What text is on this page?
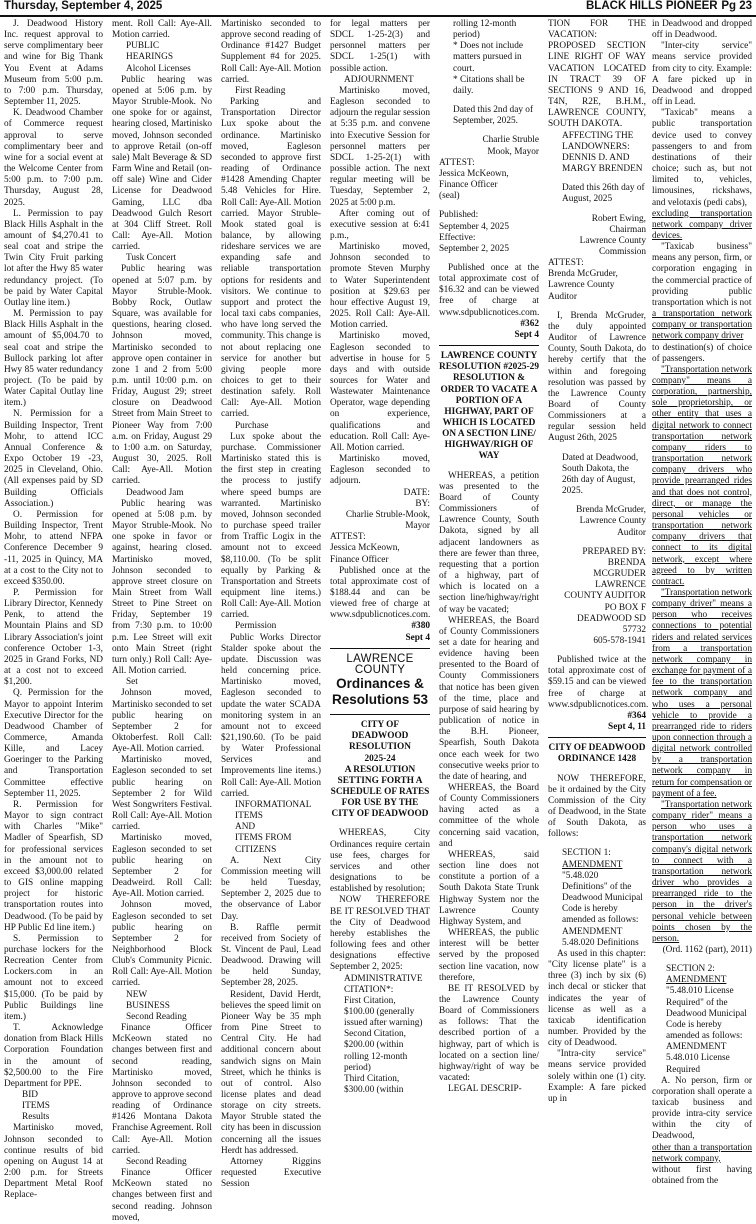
Thursday, September 4, 2025	BLACK HILLS PIONEER Pg 23

J. Deadwood History Inc. request approval to serve complimentary beer and wine for Big Thank You Event at Adams Museum from 5:00 p.m. to 7:00 p.m. Thursday, September 11, 2025.

K. Deadwood Chamber of Commerce request approval to serve complimentary beer and wine for a social event at the Welcome Center from 5:00 p.m. to 7:00 p.m. Thursday, August 28, 2025.

L. Permission to pay Black Hills Asphalt in the amount of $4,270.41 to seal coat and stripe the Twin City Fruit parking lot after the Hwy 85 water redundancy project. (To be paid by Water Capital Outlay line item.)

M. Permission to pay Black Hills Asphalt in the amount of $5,004.70 to seal coat and stripe the Bullock parking lot after Hwy 85 water redundancy project. (To be paid by Water Capital Outlay line item.)

N. Permission for a Building Inspector, Trent Mohr, to attend ICC Annual Conference & Expo October 19 -23, 2025 in Cleveland, Ohio. (All expenses paid by SD Building Officials Association.)

O. Permission for Building Inspector, Trent Mohr, to attend NFPA Conference December 9 -11, 2025 in Quincy, MA at a cost to the City not to exceed $350.00.

P. Permission for Library Director, Kennedy Penk, to attend the Mountain Plains and SD Library Association's joint conference October 1-3, 2025 in Grand Forks, ND at a cost not to exceed $1,200.

Q. Permission for the Mayor to appoint Interim Executive Director for the Deadwood Chamber of Commerce, Amanda Kille, and Lacey Goeringer to the Parking and Transportation Committee effective September 11, 2025.

R. Permission for Mayor to sign contract with Charles "Mike" Madler of Spearfish, SD for professional services in the amount not to exceed $3,000.00 related to GIS online mapping project for historic transportation routes into Deadwood. (To be paid by HP Public Ed line item.)

S. Permission to purchase lockers for the Recreation Center from Lockers.com in an amount not to exceed $15,000. (To be paid by Public Buildings line item.)

T. Acknowledge donation from Black Hills Corporation Foundation in the amount of $2,500.00 to the Fire Department for PPE.

BID

ITEMS

Results

Martinisko moved, Johnson seconded to continue results of bid opening on August 14 at 2:00 p.m. for Streets Department Metal Roof Replace-

ment. Roll Call: Aye-All. Motion carried.

PUBLIC

HEARINGS

Alcohol Licenses

Public hearing was opened at 5:06 p.m. by Mayor Struble-Mook. No one spoke for or against, hearing closed, Martinisko moved, Johnson seconded to approve Retail (on-off sale) Malt Beverage & SD Farm Wine and Retail (on-off sale) Wine and Cider License for Deadwood Gaming, LLC dba Deadwood Gulch Resort at 304 Cliff Street. Roll Call: Aye-All. Motion carried.

Tusk Concert

Public hearing was opened at 5:07 p.m. by Mayor Struble-Mook. Bobby Rock, Outlaw Square, was available for questions, hearing closed. Johnson moved, Martinisko seconded to approve open container in zone 1 and 2 from 5:00 p.m. until 10:00 p.m. on Friday, August 29; street closure on Deadwood Street from Main Street to Pioneer Way from 7:00 a.m. on Friday, August 29 to 1:00 a.m. on Saturday, August 30, 2025. Roll Call: Aye-All. Motion carried.

Deadwood Jam

Public hearing was opened at 5:08 p.m. by Mayor Struble-Mook. No one spoke in favor or against, hearing closed. Martinisko moved, Johnson seconded to approve street closure on Main Street from Wall Street to Pine Street on Friday, September 19 from 7:30 p.m. to 10:00 p.m. Lee Street will exit onto Main Street (right turn only.) Roll Call: Aye-All. Motion carried.

Set

Johnson moved, Martinisko seconded to set public hearing on September 2 for Oktoberfest. Roll Call: Aye-All. Motion carried.

Martinisko moved, Eagleson seconded to set public hearing on September 2 for Wild West Songwriters Festival. Roll Call: Aye-All. Motion carried.

Martinisko moved, Eagleson seconded to set public hearing on September 2 for Deadweird. Roll Call: Aye-All. Motion carried.

Johnson moved, Eagleson seconded to set public hearing on September 2 for Neighborhood Block Club's Community Picnic. Roll Call: Aye-All. Motion carried.

NEW

BUSINESS

Second Reading

Finance Officer McKeown stated no changes between first and second reading, Martinisko moved, Johnson seconded to approve to approve second reading of Ordinance #1426 Montana Dakota Franchise Agreement. Roll Call: Aye-All. Motion carried.

Second Reading

Finance Officer McKeown stated no changes between first and second reading. Johnson moved,

Martinisko seconded to approve second reading of Ordinance #1427 Budget Supplement #4 for 2025. Roll Call: Aye-All. Motion carried.

First Reading

Parking and Transportation Director Lux spoke about the ordinance. Martinisko moved, Eagleson seconded to approve first reading of Ordinance #1428 Amending Chapter 5.48 Vehicles for Hire. Roll Call: Aye-All. Motion carried. Mayor Struble-Mook stated goal is balance, by allowing rideshare services we are expanding safe and reliable transportation options for residents and visitors. We continue to support and protect the local taxi cabs companies, who have long served the community. This change is not about replacing one service for another but giving people more choices to get to their destination safely. Roll Call: Aye-All. Motion carried.

Purchase

Lux spoke about the purchase. Commissioner Martinisko stated this is the first step in creating the process to justify where speed bumps are warranted. Martinisko moved, Johnson seconded to purchase speed trailer from Traffic Logix in the amount not to exceed $8,110.00. (To be split equally by Parking & Transportation and Streets equipment line items.) Roll Call: Aye-All. Motion carried.

Permission

Public Works Director Stalder spoke about the update. Discussion was held concerning price. Martinisko moved, Eagleson seconded to update the water SCADA monitoring system in an amount not to exceed $21,190.60. (To be paid by Water Professional Services and Improvements line items.) Roll Call: Aye-All. Motion carried.

INFORMATIONAL

ITEMS

AND

ITEMS FROM

CITIZENS

A. Next City Commission meeting will be held Tuesday, September 2, 2025 due to the observance of Labor Day.

B. Raffle permit received from Society of St. Vincent de Paul, Lead Deadwood. Drawing will be held Sunday, September 28, 2025.

Resident, David Herdt, believes the speed limit on Pioneer Way be 35 mph from Pine Street to Central City. He had additional concern about sandwich signs on Main Street, which he thinks is out of control. Also license plates and dead storage on city streets. Mayor Struble stated the city has been in discussion concerning all the issues Herdt has addressed.

Attorney Riggins requested Executive Session

for legal matters per SDCL 1-25-2(3) and personnel matters per SDCL 1-25(1) with possible action.

ADJOURNMENT

Martinisko moved, Eagleson seconded to adjourn the regular session at 5:35 p.m. and convene into Executive Session for personnel matters per SDCL 1-25-2(1) with possible action. The next regular meeting will be Tuesday, September 2, 2025 at 5:00 p.m.

After coming out of executive session at 6:41 p.m.,

Martinisko moved, Johnson seconded to promote Steven Murphy to Water Superintendent position at $29.63 per hour effective August 19, 2025. Roll Call: Aye-All. Motion carried.

Martinisko moved, Eagleson seconded to advertise in house for 5 days and with outside sources for Water and Wastewater Maintenance Operator, wage depending on experience, qualifications and education. Roll Call: Aye-All. Motion carried.

Martinisko moved, Eagleson seconded to adjourn.

DATE:

BY:

Charlie Struble-Mook,

Mayor

ATTEST:

Jessica McKeown,

Finance Officer

Published once at the total approximate cost of $188.44 and can be viewed free of charge at www.sdpublicnotices.com.

#380

Sept 4

LAWRENCE COUNTY
Ordinances &
Resolutions 53

CITY OF

DEADWOOD

RESOLUTION

2025-24

A RESOLUTION SETTING FORTH A SCHEDULE OF RATES FOR USE BY THE CITY OF DEADWOOD

WHEREAS, City Ordinances require certain use fees, charges for services and other designations to be established by resolution;

NOW THEREFORE BE IT RESOLVED THAT the City of Deadwood hereby establishes the following fees and other designations effective September 2, 2025:

ADMINISTRATIVE

CITATION*:

First Citation,

$100.00 (generally issued after warning)

Second Citation,

$200.00 (within rolling 12-month period)

Third Citation,

$300.00 (within

rolling 12-month period)

* Does not include matters pursued in court.

* Citations shall be daily.

Dated this 2nd day of September, 2025.

Charlie Struble

Mook, Mayor

ATTEST:

Jessica McKeown,

Finance Officer

(seal)

Published:

September 4, 2025

Effective:

September 2, 2025

Published once at the total approximate cost of $16.32 and can be viewed free of charge at www.sdpublicnotices.com.

#362

Sept 4

LAWRENCE COUNTY RESOLUTION #2025-29 RESOLUTION & ORDER TO VACATE A PORTION OF A HIGHWAY, PART OF WHICH IS LOCATED ON A SECTION LINE/ HIGHWAY/RIGH OF WAY

WHEREAS, a petition was presented to the Board of County Commissioners of Lawrence County, South Dakota, signed by all adjacent landowners as there are fewer than three, requesting that a portion of a highway, part of which is located on a section line/highway/right of way be vacated;

WHEREAS, the Board of County Commissioners set a date for hearing and evidence having been presented to the Board of County Commissioners that notice has been given of the time, place and purpose of said hearing by publication of notice in the B.H. Pioneer, Spearfish, South Dakota once each week for two consecutive weeks prior to the date of hearing, and

WHEREAS, the Board of County Commissioners having acted as a committee of the whole concerning said vacation, and

WHEREAS, said section line does not constitute a portion of a South Dakota State Trunk Highway System nor the Lawrence County Highway System, and

WHEREAS, the public interest will be better served by the proposed section line vacation, now therefore,

BE IT RESOLVED by the Lawrence County Board of Commissioners as follows: That the described portion of a highway, part of which is located on a section line/ highway/right of way be vacated:

LEGAL DESCRIP-

TION FOR THE VACATION: PROPOSED SECTION LINE RIGHT OF WAY VACATION LOCATED IN TRACT 39 OF SECTIONS 9 AND 16, T4N, R2E, B.H.M., LAWRENCE COUNTY, SOUTH DAKOTA.

AFFECTING THE LANDOWNERS: DENNIS D. AND MARGY BRENDEN

Dated this 26th day of August, 2025

Robert Ewing,

Chairman

Lawrence County

Commission

ATTEST:

Brenda McGruder,

Lawrence County

Auditor

I, Brenda McGruder, the duly appointed Auditor of Lawrence County, South Dakota, do hereby certify that the within and foregoing resolution was passed by the Lawrence County Board of County Commissioners at a regular session held August 26th, 2025

Dated at Deadwood, South Dakota, the 26th day of August, 2025.

Brenda McGruder,

Lawrence County

Auditor

PREPARED BY:

BRENDA

MCGRUDER

LAWRENCE

COUNTY AUDITOR

PO BOX F

DEADWOOD SD

57732

605-578-1941

Published twice at the total approximate cost of $59.15 and can be viewed free of charge at www.sdpublicnotices.com.

#364

Sept 4, 11

CITY OF DEADWOOD ORDINANCE 1428

NOW THEREFORE, be it ordained by the City Commission of the City of Deadwood, in the State of South Dakota, as follows:

SECTION 1:

AMENDMENT

"5.48.020 Definitions" of the Deadwood Municipal Code is hereby amended as follows:

AMENDMENT

5.48.020 Definitions

As used in this chapter: "City license plate" is a three (3) inch by six (6) inch decal or sticker that indicates the year of license as well as a taxicab identification number. Provided by the city of Deadwood.

"Intra-city service" means service provided solely within one (1) city. Example: A fare picked up in

in Deadwood and dropped off in Deadwood.

"Inter-city service" means service provided from city to city. Example: A fare picked up in Deadwood and dropped off in Lead.

"Taxicab" means a public transportation device used to convey passengers to and from destinations of their choice; such as, but not limited to, vehicles, limousines, rickshaws, and velotaxis (pedi cabs),

excluding transportation network company driver devices.

"Taxicab business" means any person, firm, or corporation engaging in the commercial practice of providing public transportation which is not

a transportation network company or transportation network company driver

to destination(s) of choice of passengers.

"Transportation network company" means a corporation, partnership, sole proprietorship, or other entity that uses a digital network to connect transportation network company riders to transportation network company drivers who provide prearranged rides and that does not control, direct, or manage the personal vehicles or transportation network company drivers that connect to its digital network, except where agreed to by written contract.

"Transportation network company driver" means a person who receives connections to potential riders and related services from a transportation network company in exchange for payment of a fee to the transportation network company and who uses a personal vehicle to provide a prearranged ride to riders upon connection through a digital network controlled by a transportation network company in return for compensation or payment of a fee.

"Transportation network company rider" means a person who uses a transportation network company's digital network to connect with a transportation network driver who provides a prearranged ride to the person in the driver's personal vehicle between points chosen by the person.

(Ord. 1162 (part), 2011)

SECTION 2:

AMENDMENT

"5.48.010 License Required" of the Deadwood Municipal Code is hereby amended as follows:

AMENDMENT

5.48.010 License Required

A. No person, firm or corporation shall operate a taxicab business and provide intra-city service within the city of Deadwood,

other than a transportation network company,

without first having obtained from the
